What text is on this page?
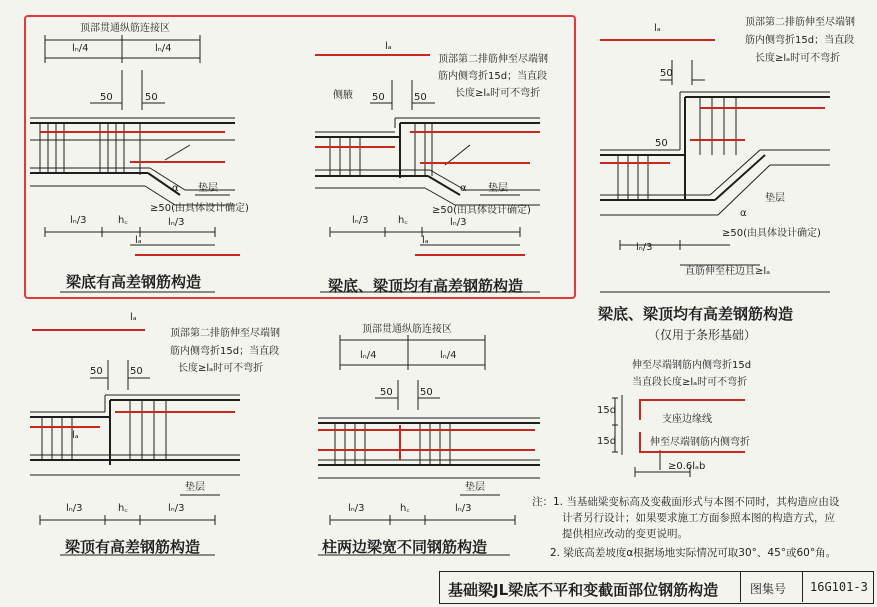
顶部贯通纵筋连接区
lₙ/4	lₙ/4
50	50
α 垫层
≥50(由具体设计确定)
lₙ/3	h꜀	lₙ/3
lₐ
梁底有高差钢筋构造
lₐ
顶部第二排筋伸至尽端钢
筋内侧弯折15d；当直段
长度≥lₐ时可不弯折
侧腋 50	50
α 垫层
≥50(由具体设计确定)
lₙ/3	h꜀	lₙ/3
lₐ
梁底、梁顶均有高差钢筋构造
lₐ
顶部第二排筋伸至尽端钢
筋内侧弯折15d；当直段
长度≥lₐ时可不弯折
50
50
垫层
α
≥50(由具体设计确定)
lₙ/3
直筋伸至柱边且≥lₐ
梁底、梁顶均有高差钢筋构造
（仅用于条形基础）
lₐ
顶部第二排筋伸至尽端钢
筋内侧弯折15d；当直段
长度≥lₐ时可不弯折
50	50
lₐ
垫层
lₙ/3	h꜀	lₙ/3
梁顶有高差钢筋构造
顶部贯通纵筋连接区
lₙ/4	lₙ/4
50	50
垫层
lₙ/3	h꜀	lₙ/3
柱两边梁宽不同钢筋构造
伸至尽端钢筋内侧弯折15d
当直段长度≥lₐ时可不弯折
15d
15d
支座边缘线
伸至尽端钢筋内侧弯折
≥0.6lₐb
注：1. 当基础梁变标高及变截面形式与本图不同时，其构造应由设
计者另行设计；如果要求施工方面参照本图的构造方式，应
提供相应改动的变更说明。
2. 梁底高差坡度α根据场地实际情况可取30°、45°或60°角。
基础梁JL梁底不平和变截面部位钢筋构造	图集号 16G101-3
